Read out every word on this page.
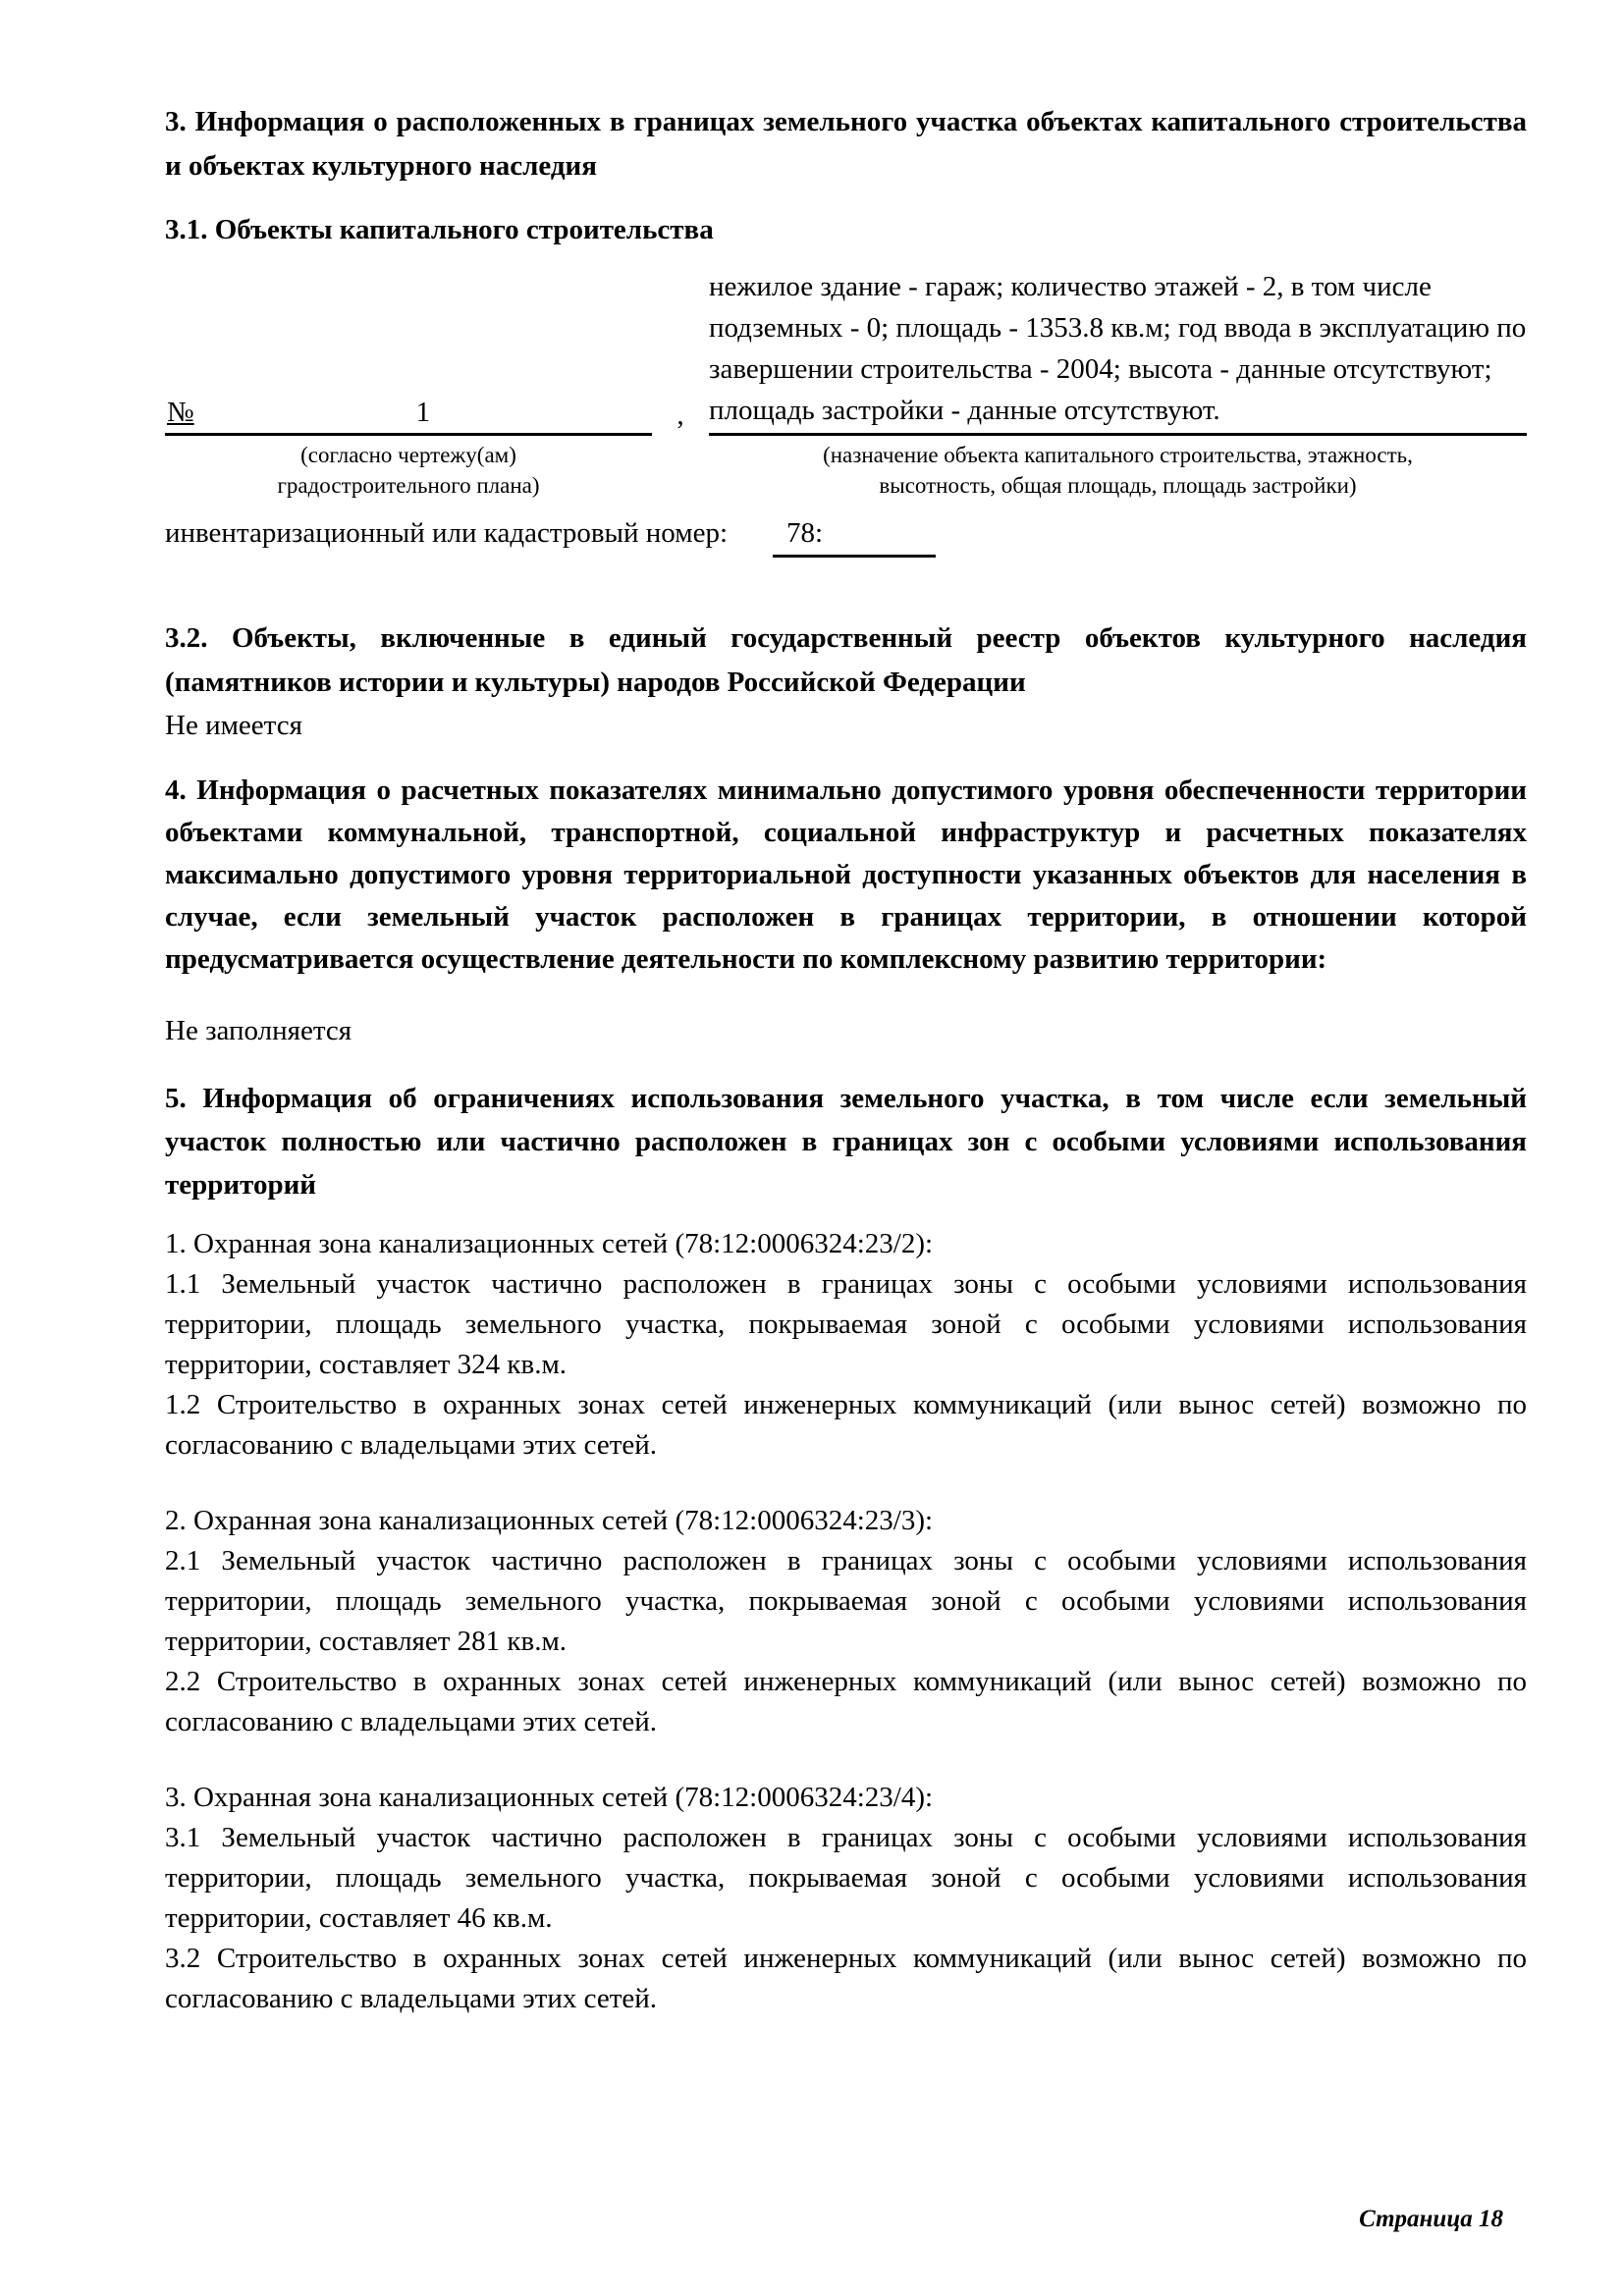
3. Информация о расположенных в границах земельного участка объектах капитального строительства и объектах культурного наследия

3.1. Объекты капитального строительства

№	1	,
нежилое здание - гараж; количество этажей - 2, в том числе подземных - 0; площадь - 1353.8 кв.м; год ввода в эксплуатацию по завершении строительства - 2004; высота - данные отсутствуют; площадь застройки - данные отсутствуют.

(согласно чертежу(ам)
градостроительного плана)

(назначение объекта капитального строительства, этажность,
высотность, общая площадь, площадь застройки)

инвентаризационный или кадастровый номер:	78:

3.2. Объекты, включенные в единый государственный реестр объектов культурного наследия (памятников истории и культуры) народов Российской Федерации

Не имеется

4. Информация о расчетных показателях минимально допустимого уровня обеспеченности территории объектами коммунальной, транспортной, социальной инфраструктур и расчетных показателях максимально допустимого уровня территориальной доступности указанных объектов для населения в случае, если земельный участок расположен в границах территории, в отношении которой предусматривается осуществление деятельности по комплексному развитию территории:

Не заполняется

5. Информация об ограничениях использования земельного участка, в том числе если земельный участок полностью или частично расположен в границах зон с особыми условиями использования территорий

1. Охранная зона канализационных сетей (78:12:0006324:23/2):

1.1 Земельный участок частично расположен в границах зоны с особыми условиями использования территории, площадь земельного участка, покрываемая зоной с особыми условиями использования территории, составляет 324 кв.м.

1.2 Строительство в охранных зонах сетей инженерных коммуникаций (или вынос сетей) возможно по согласованию с владельцами этих сетей.

2. Охранная зона канализационных сетей (78:12:0006324:23/3):

2.1 Земельный участок частично расположен в границах зоны с особыми условиями использования территории, площадь земельного участка, покрываемая зоной с особыми условиями использования территории, составляет 281 кв.м.

2.2 Строительство в охранных зонах сетей инженерных коммуникаций (или вынос сетей) возможно по согласованию с владельцами этих сетей.

3. Охранная зона канализационных сетей (78:12:0006324:23/4):

3.1 Земельный участок частично расположен в границах зоны с особыми условиями использования территории, площадь земельного участка, покрываемая зоной с особыми условиями использования территории, составляет 46 кв.м.

3.2 Строительство в охранных зонах сетей инженерных коммуникаций (или вынос сетей) возможно по согласованию с владельцами этих сетей.

Страница 18
